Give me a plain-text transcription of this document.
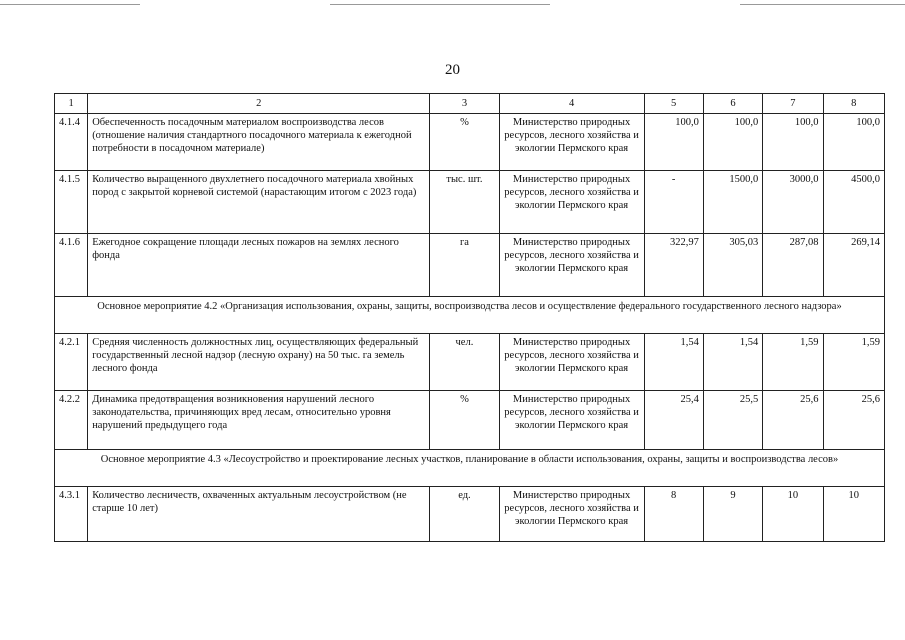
20
1	2	3	4	5	6	7	8
4.1.4	Обеспеченность посадочным материалом воспроизводства лесов (отношение наличия стандартного посадочного материала к ежегодной потребности в посадочном материале)	%	Министерство природных ресурсов, лесного хозяйства и экологии Пермского края	100,0	100,0	100,0	100,0
4.1.5	Количество выращенного двухлетнего посадочного материала хвойных пород с закрытой корневой системой (нарастающим итогом с 2023 года)	тыс. шт.	Министерство природных ресурсов, лесного хозяйства и экологии Пермского края	-	1500,0	3000,0	4500,0
4.1.6	Ежегодное сокращение площади лесных пожаров на землях лесного фонда	га	Министерство природных ресурсов, лесного хозяйства и экологии Пермского края	322,97	305,03	287,08	269,14
Основное мероприятие 4.2 «Организация использования, охраны, защиты, воспроизводства лесов и осуществление федерального государственного лесного надзора»							
4.2.1	Средняя численность должностных лиц, осуществляющих федеральный государственный лесной надзор (лесную охрану) на 50 тыс. га земель лесного фонда	чел.	Министерство природных ресурсов, лесного хозяйства и экологии Пермского края	1,54	1,54	1,59	1,59
4.2.2	Динамика предотвращения возникновения нарушений лесного законодательства, причиняющих вред лесам, относительно уровня нарушений предыдущего года	%	Министерство природных ресурсов, лесного хозяйства и экологии Пермского края	25,4	25,5	25,6	25,6
Основное мероприятие 4.3 «Лесоустройство и проектирование лесных участков, планирование в области использования, охраны, защиты и воспроизводства лесов»							
4.3.1	Количество лесничеств, охваченных актуальным лесоустройством (не старше 10 лет)	ед.	Министерство природных ресурсов, лесного хозяйства и экологии Пермского края	8	9	10	10
